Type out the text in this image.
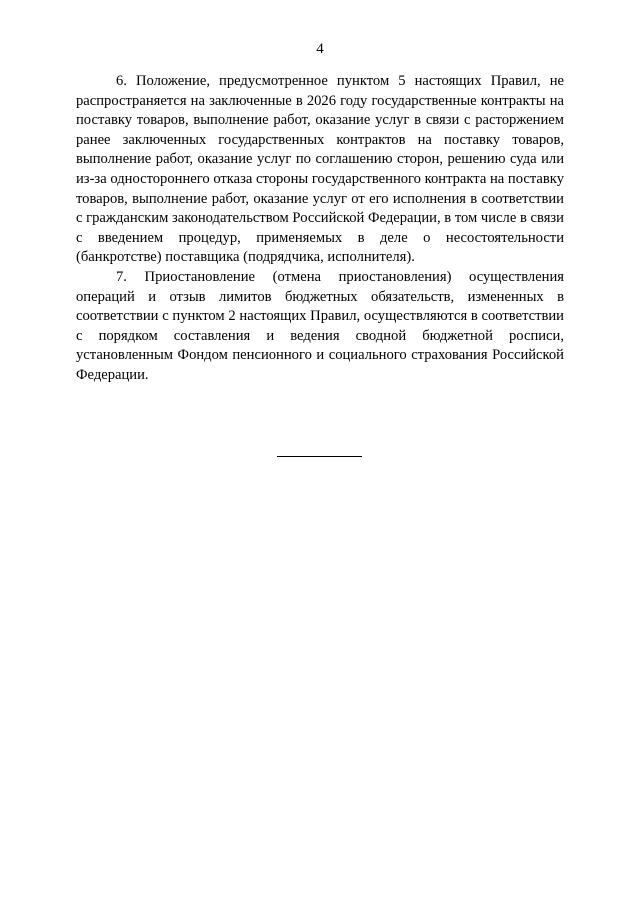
4

6. Положение, предусмотренное пунктом 5 настоящих Правил, не распространяется на заключенные в 2026 году государственные контракты на поставку товаров, выполнение работ, оказание услуг в связи с расторжением ранее заключенных государственных контрактов на поставку товаров, выполнение работ, оказание услуг по соглашению сторон, решению суда или из-за одностороннего отказа стороны государственного контракта на поставку товаров, выполнение работ, оказание услуг от его исполнения в соответствии с гражданским законодательством Российской Федерации, в том числе в связи с введением процедур, применяемых в деле о несостоятельности (банкротстве) поставщика (подрядчика, исполнителя).

7. Приостановление (отмена приостановления) осуществления операций и отзыв лимитов бюджетных обязательств, измененных в соответствии с пунктом 2 настоящих Правил, осуществляются в соответствии с порядком составления и ведения сводной бюджетной росписи, установленным Фондом пенсионного и социального страхования Российской Федерации.
